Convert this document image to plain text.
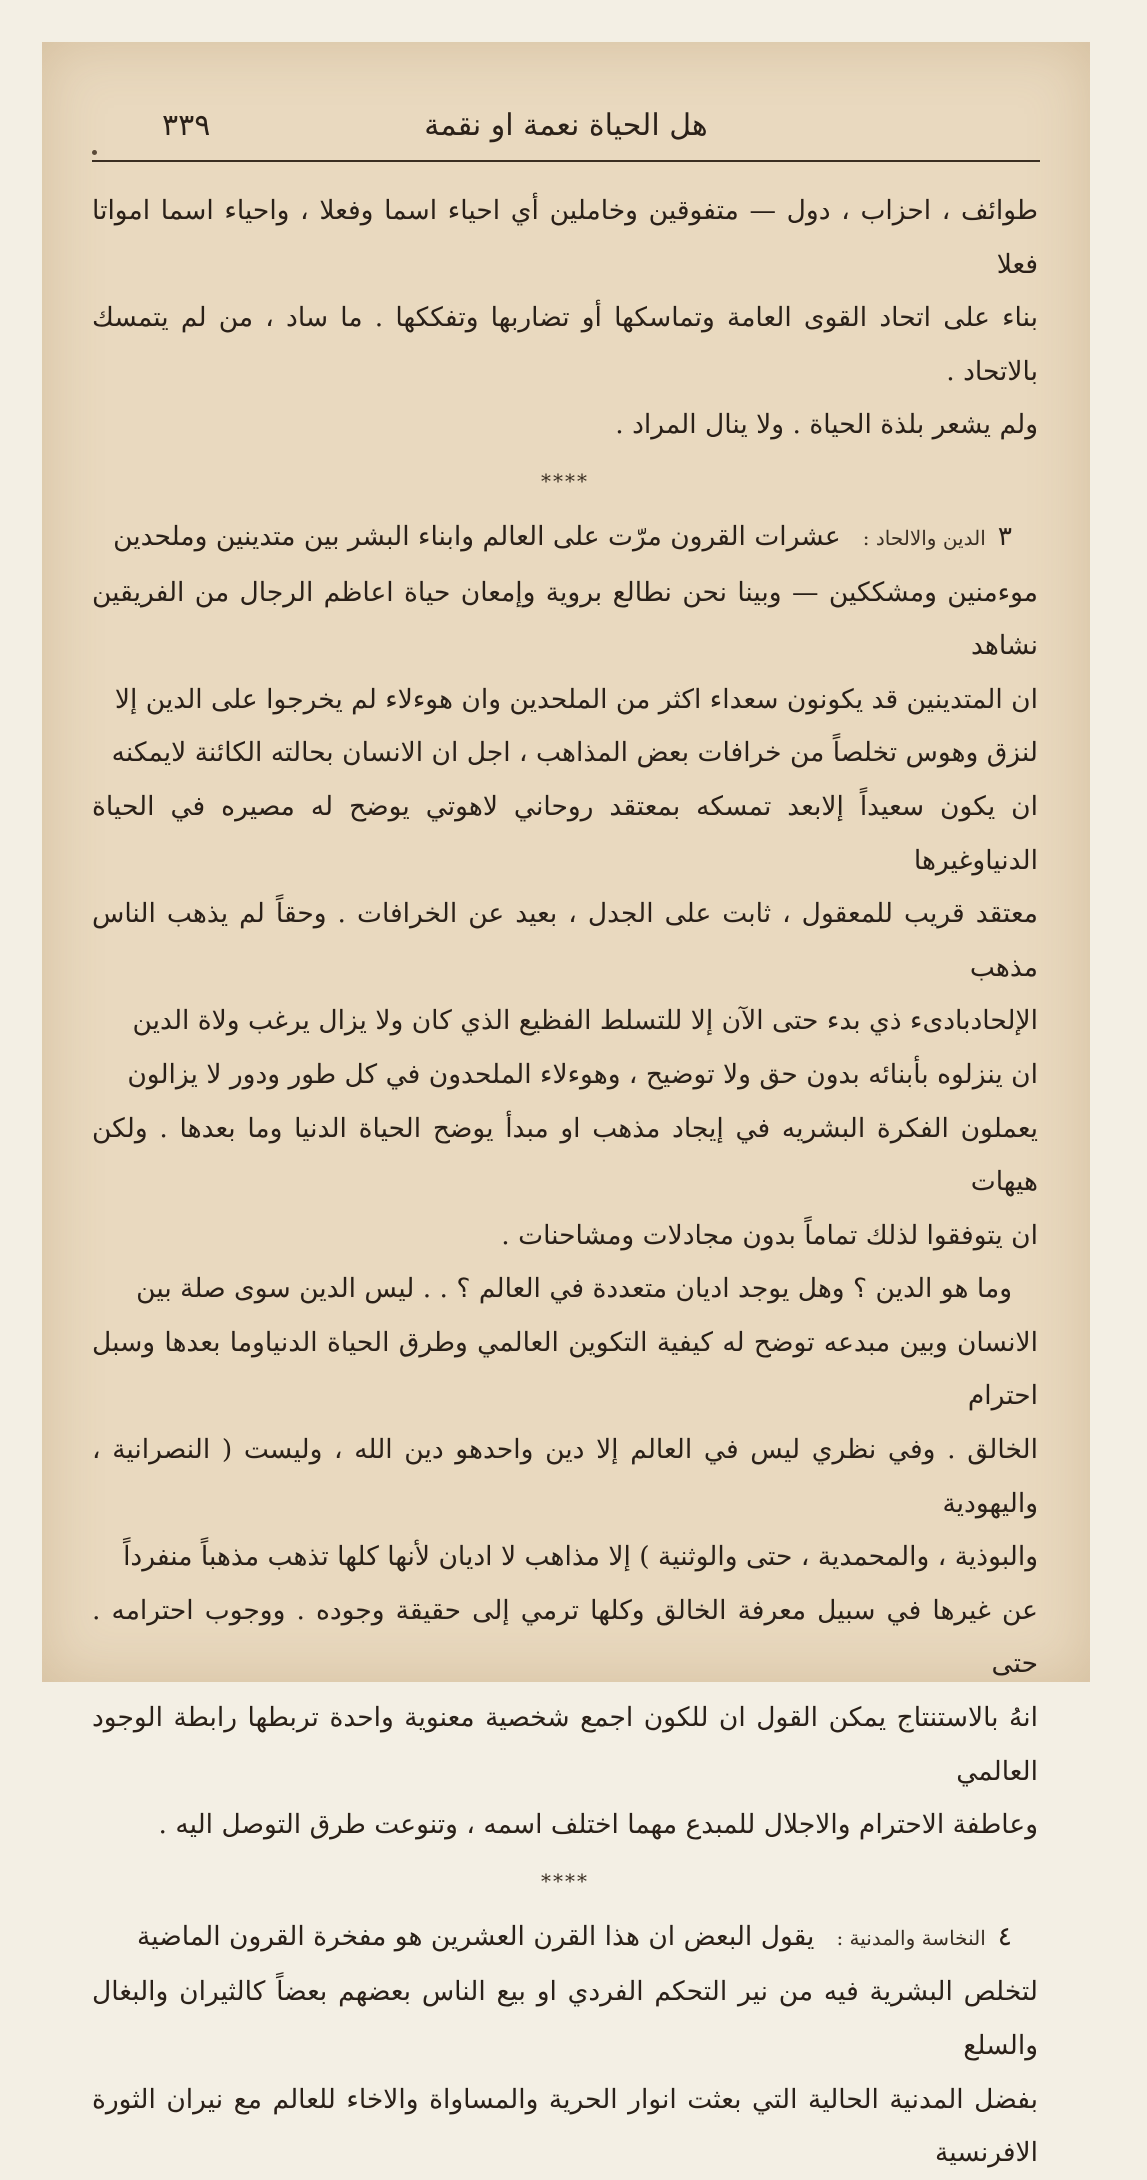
هل الحياة نعمة او نقمة
٣٣٩

طوائف ، احزاب ، دول — متفوقين وخاملين أي احياء اسما وفعلا ، واحياء اسما امواتا فعلا

بناء على اتحاد القوى العامة وتماسكها أو تضاربها وتفككها . ما ساد ، من لم يتمسك بالاتحاد .

ولم يشعر بلذة الحياة . ولا ينال المراد .

****

٣الدين والالحاد :عشرات القرون مرّت على العالم وابناء البشر بين متدينين وملحدين

موءمنين ومشككين — وبينا نحن نطالع بروية وإمعان حياة اعاظم الرجال من الفريقين نشاهد

ان المتدينين قد يكونون سعداء اكثر من الملحدين وان هوءلاء لم يخرجوا على الدين إلا

لنزق وهوس تخلصاً من خرافات بعض المذاهب ، اجل ان الانسان بحالته الكائنة لايمكنه

ان يكون سعيداً إلابعد تمسكه بمعتقد روحاني لاهوتي يوضح له مصيره في الحياة الدنياوغيرها

معتقد قريب للمعقول ، ثابت على الجدل ، بعيد عن الخرافات . وحقاً لم يذهب الناس مذهب

الإلحادبادىء ذي بدء حتى الآن إلا للتسلط الفظيع الذي كان ولا يزال يرغب ولاة الدين

ان ينزلوه بأبنائه بدون حق ولا توضيح ، وهوءلاء الملحدون في كل طور ودور لا يزالون

يعملون الفكرة البشريه في إيجاد مذهب او مبدأ يوضح الحياة الدنيا وما بعدها . ولكن هيهات

ان يتوفقوا لذلك تماماً بدون مجادلات ومشاحنات .

وما هو الدين ؟ وهل يوجد اديان متعددة في العالم ؟ . . ليس الدين سوى صلة بين

الانسان وبين مبدعه توضح له كيفية التكوين العالمي وطرق الحياة الدنياوما بعدها وسبل احترام

الخالق . وفي نظري ليس في العالم إلا دين واحدهو دين الله ، وليست ( النصرانية ، واليهودية

والبوذية ، والمحمدية ، حتى والوثنية ) إلا مذاهب لا اديان لأنها كلها تذهب مذهباً منفرداً

عن غيرها في سبيل معرفة الخالق وكلها ترمي إلى حقيقة وجوده . ووجوب احترامه . حتى

انهُ بالاستنتاج يمكن القول ان للكون اجمع شخصية معنوية واحدة تربطها رابطة الوجود العالمي

وعاطفة الاحترام والاجلال للمبدع مهما اختلف اسمه ، وتنوعت طرق التوصل اليه .

****

٤النخاسة والمدنية :يقول البعض ان هذا القرن العشرين هو مفخرة القرون الماضية

لتخلص البشرية فيه من نير التحكم الفردي او بيع الناس بعضهم بعضاً كالثيران والبغال والسلع

بفضل المدنية الحالية التي بعثت انوار الحرية والمساواة والاخاء للعالم مع نيران الثورة الافرنسية
